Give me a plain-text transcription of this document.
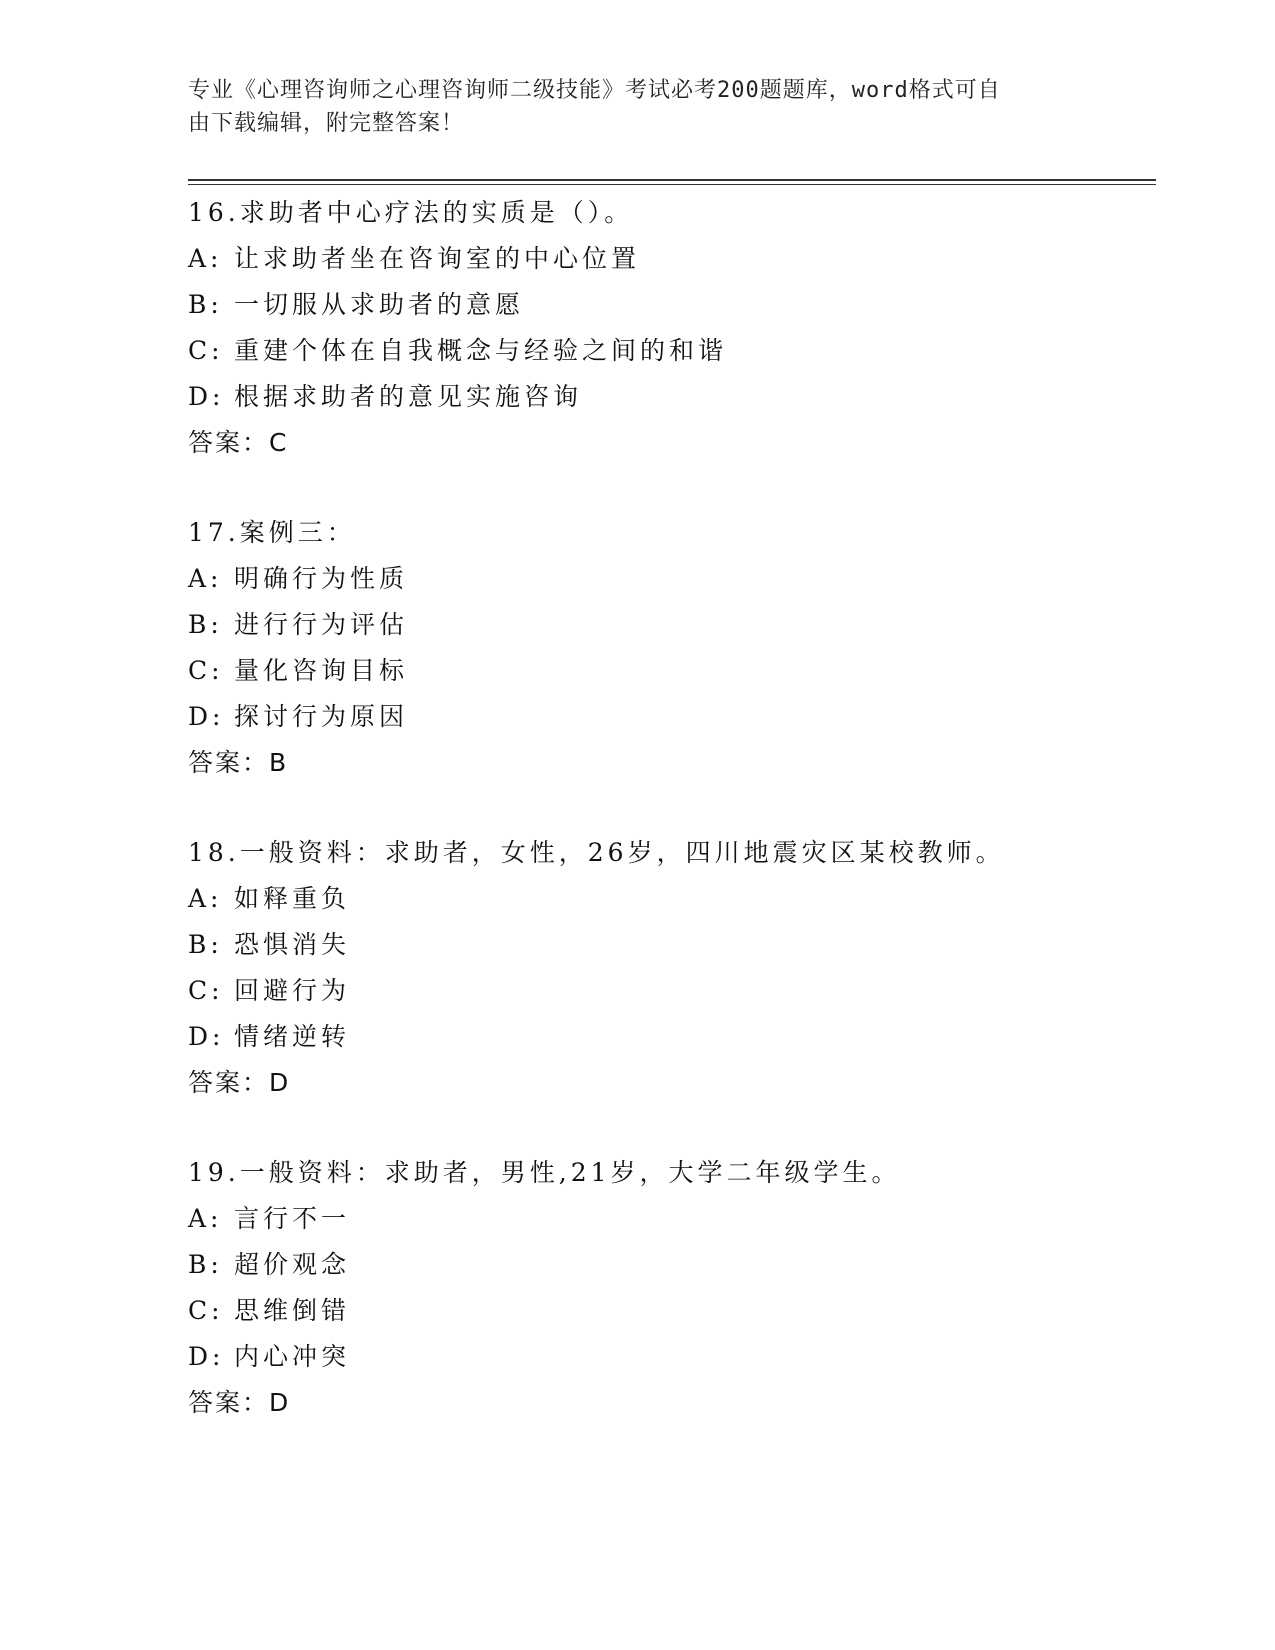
专业《心理咨询师之心理咨询师二级技能》考试必考200题题库，word格式可自
由下载编辑，附完整答案！
16.求助者中心疗法的实质是（）。
A: 让求助者坐在咨询室的中心位置
B: 一切服从求助者的意愿
C: 重建个体在自我概念与经验之间的和谐
D: 根据求助者的意见实施咨询
答案：C
17.案例三：
A: 明确行为性质
B: 进行行为评估
C: 量化咨询目标
D: 探讨行为原因
答案：B
18.一般资料：求助者，女性，26岁，四川地震灾区某校教师。
A: 如释重负
B: 恐惧消失
C: 回避行为
D: 情绪逆转
答案：D
19.一般资料：求助者，男性,21岁，大学二年级学生。
A: 言行不一
B: 超价观念
C: 思维倒错
D: 内心冲突
答案：D
